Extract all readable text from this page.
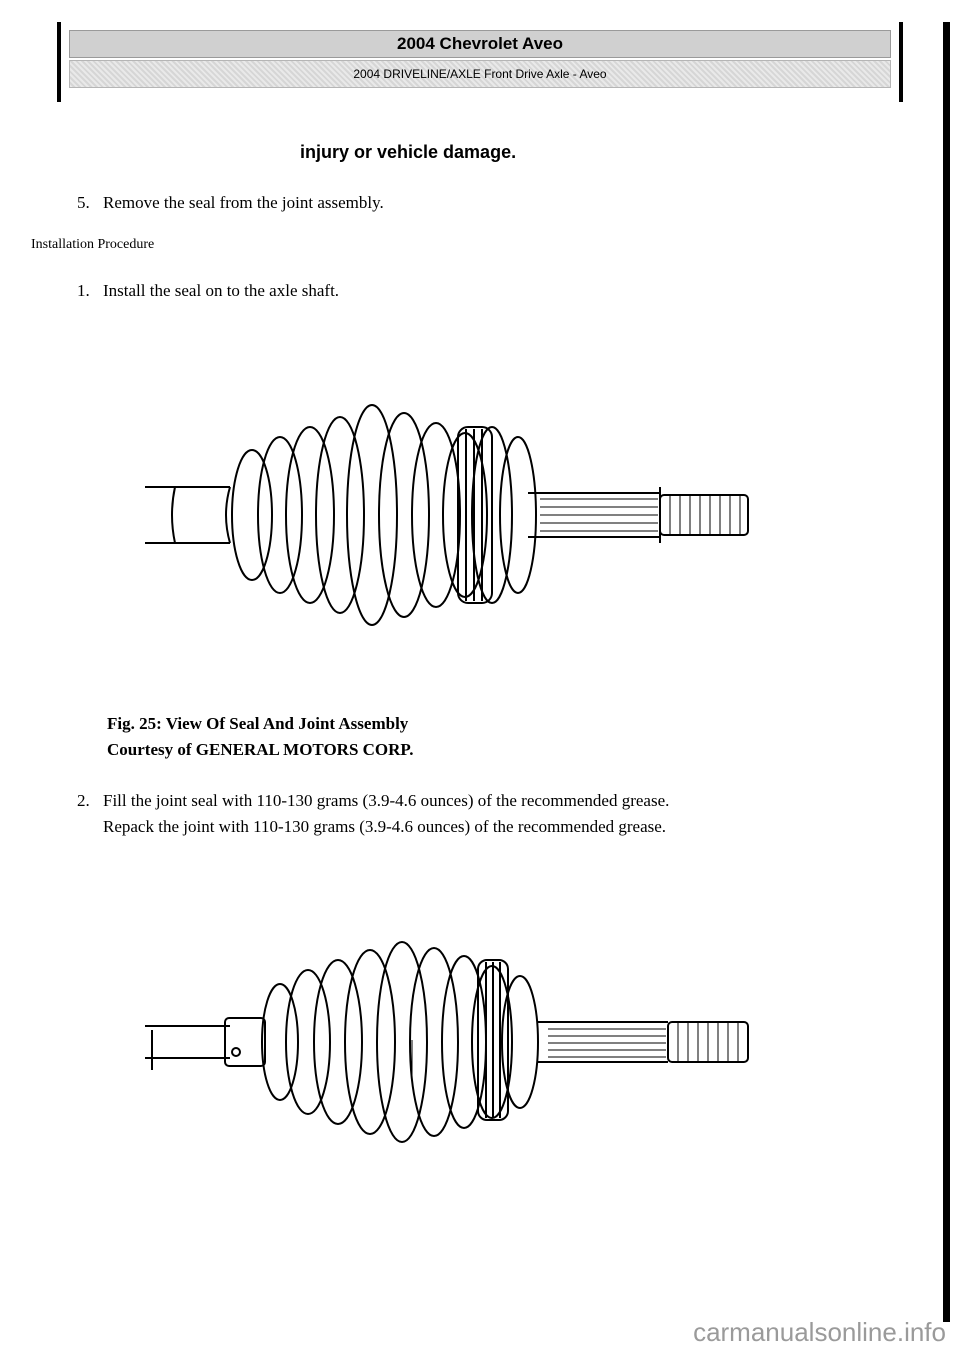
2004 Chevrolet Aveo
2004 DRIVELINE/AXLE Front Drive Axle - Aveo
injury or vehicle damage.
5. Remove the seal from the joint assembly.
Installation Procedure
1. Install the seal on to the axle shaft.
Fig. 25: View Of Seal And Joint Assembly
Courtesy of GENERAL MOTORS CORP.
2. Fill the joint seal with 110-130 grams (3.9-4.6 ounces) of the recommended grease.
Repack the joint with 110-130 grams (3.9-4.6 ounces) of the recommended grease.
carmanualsonline.info
